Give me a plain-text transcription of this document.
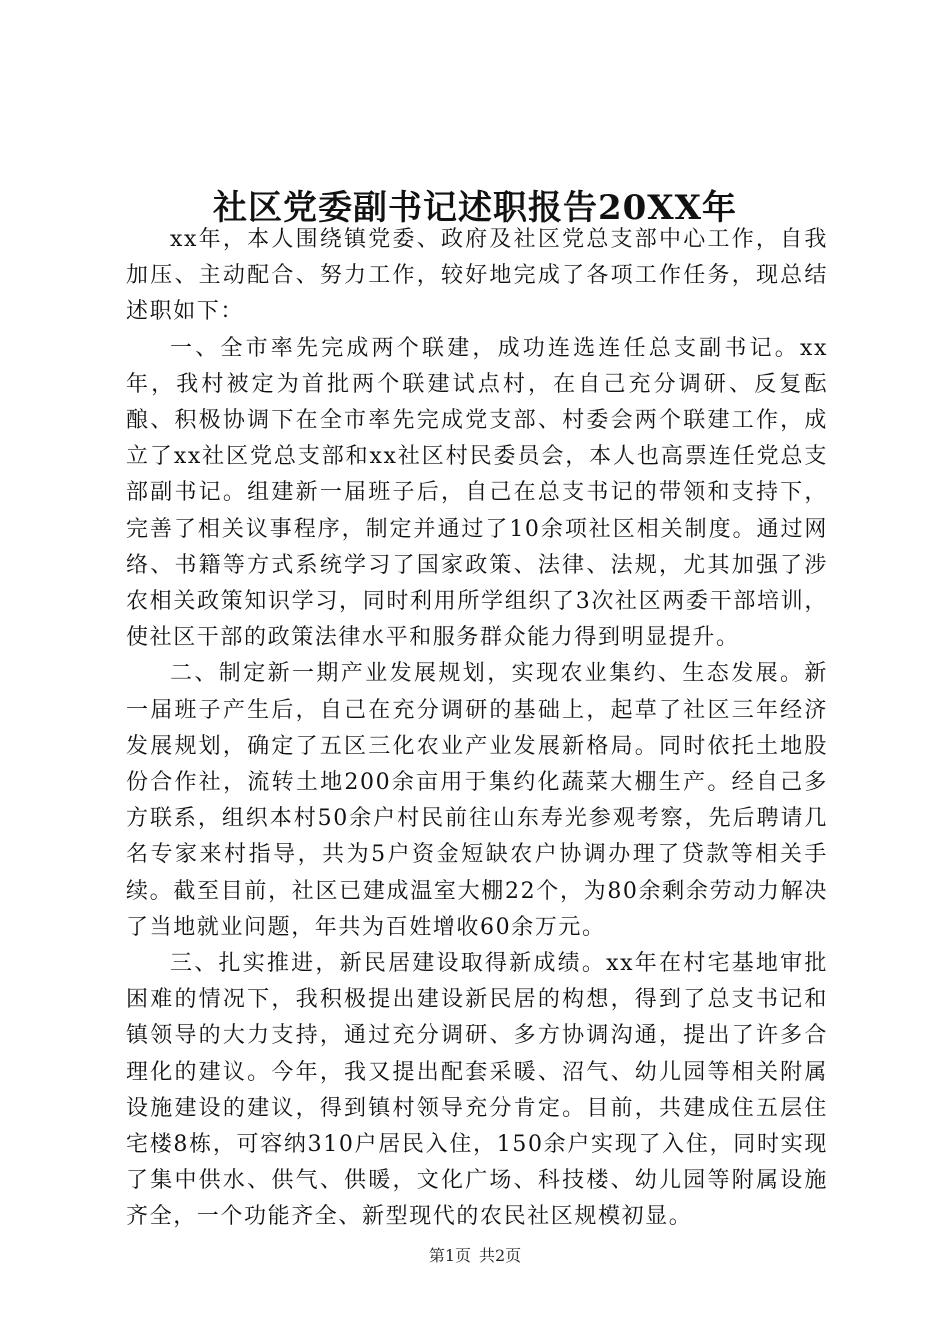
社区党委副书记述职报告20XX年

xx年，本人围绕镇党委、政府及社区党总支部中心工作，自我加压、主动配合、努力工作，较好地完成了各项工作任务，现总结述职如下：

一、全市率先完成两个联建，成功连选连任总支副书记。xx年，我村被定为首批两个联建试点村，在自己充分调研、反复酝酿、积极协调下在全市率先完成党支部、村委会两个联建工作，成立了xx社区党总支部和xx社区村民委员会，本人也高票连任党总支部副书记。组建新一届班子后，自己在总支书记的带领和支持下，完善了相关议事程序，制定并通过了10余项社区相关制度。通过网络、书籍等方式系统学习了国家政策、法律、法规，尤其加强了涉农相关政策知识学习，同时利用所学组织了3次社区两委干部培训，使社区干部的政策法律水平和服务群众能力得到明显提升。

二、制定新一期产业发展规划，实现农业集约、生态发展。新一届班子产生后，自己在充分调研的基础上，起草了社区三年经济发展规划，确定了五区三化农业产业发展新格局。同时依托土地股份合作社，流转土地200余亩用于集约化蔬菜大棚生产。经自己多方联系，组织本村50余户村民前往山东寿光参观考察，先后聘请几名专家来村指导，共为5户资金短缺农户协调办理了贷款等相关手续。截至目前，社区已建成温室大棚22个，为80余剩余劳动力解决了当地就业问题，年共为百姓增收60余万元。

三、扎实推进，新民居建设取得新成绩。xx年在村宅基地审批困难的情况下，我积极提出建设新民居的构想，得到了总支书记和镇领导的大力支持，通过充分调研、多方协调沟通，提出了许多合理化的建议。今年，我又提出配套采暖、沼气、幼儿园等相关附属设施建设的建议，得到镇村领导充分肯定。目前，共建成住五层住宅楼8栋，可容纳310户居民入住，150余户实现了入住，同时实现了集中供水、供气、供暖，文化广场、科技楼、幼儿园等附属设施齐全，一个功能齐全、新型现代的农民社区规模初显。

第1页 共2页
